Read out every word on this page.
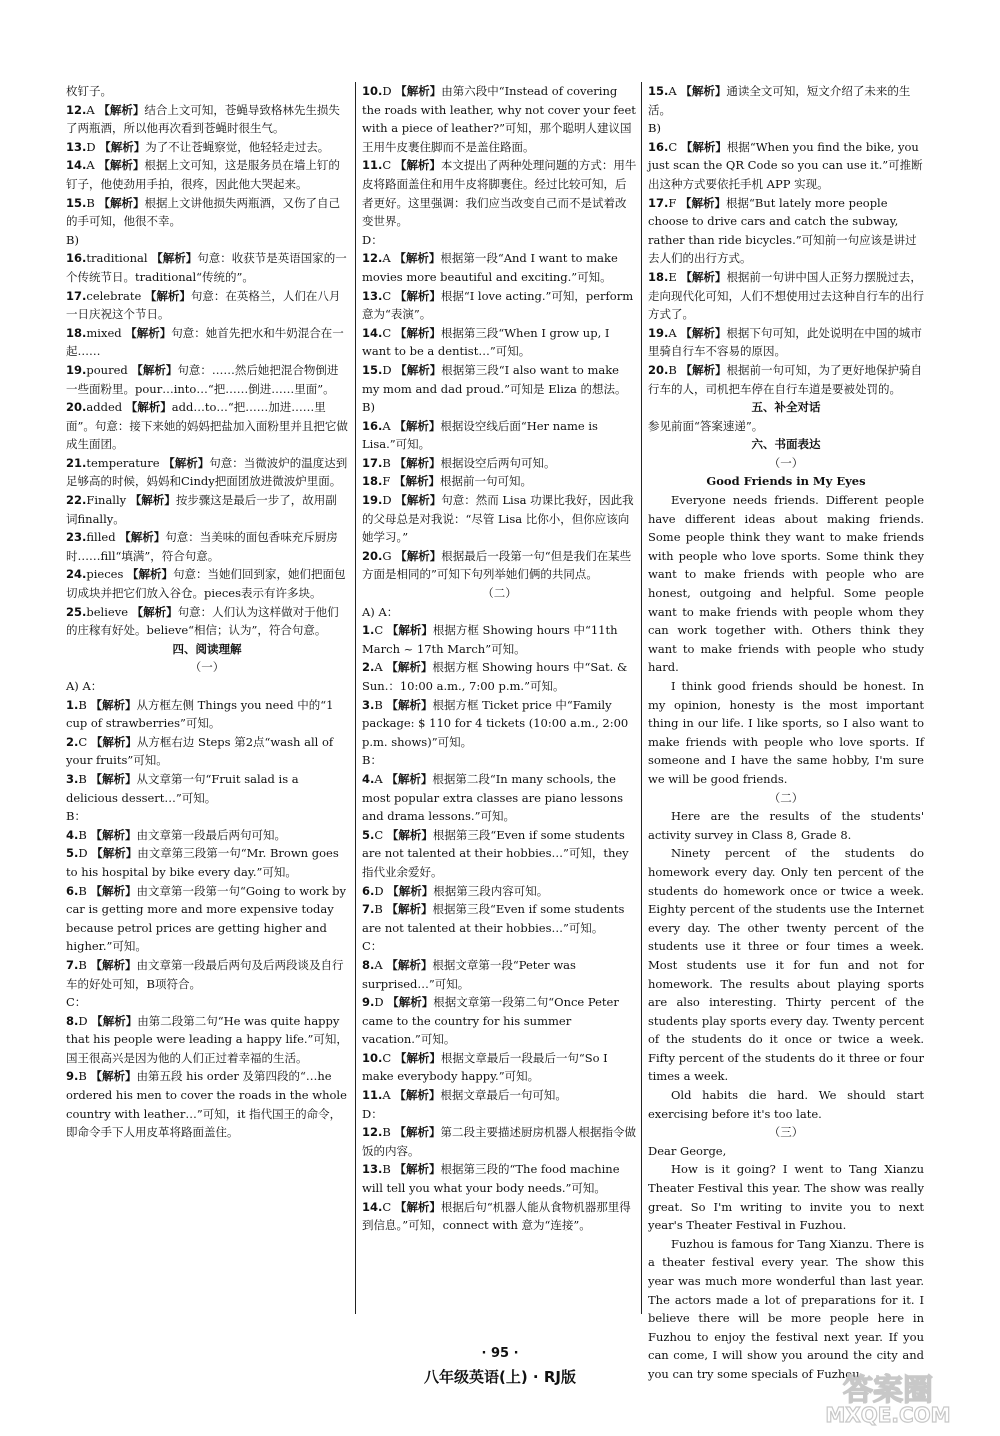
枚钉子。

12.A 【解析】结合上文可知，苍蝇导致格林先生损失了两瓶酒，所以他再次看到苍蝇时很生气。

13.D 【解析】为了不让苍蝇察觉，他轻轻走过去。

14.A 【解析】根据上文可知，这是服务员在墙上钉的钉子，他使劲用手拍，很疼，因此他大哭起来。

15.B 【解析】根据上文讲他损失两瓶酒，又伤了自己的手可知，他很不幸。

B)

16.traditional 【解析】句意：收获节是英语国家的一个传统节日。traditional“传统的”。

17.celebrate 【解析】句意：在英格兰，人们在八月一日庆祝这个节日。

18.mixed 【解析】句意：她首先把水和牛奶混合在一起……

19.poured 【解析】句意：……然后她把混合物倒进一些面粉里。pour…into…“把……倒进……里面”。

20.added 【解析】add…to…“把……加进……里面”。句意：接下来她的妈妈把盐加入面粉里并且把它做成生面团。

21.temperature 【解析】句意：当微波炉的温度达到足够高的时候，妈妈和Cindy把面团放进微波炉里面。

22.Finally 【解析】按步骤这是最后一步了，故用副词finally。

23.filled 【解析】句意：当美味的面包香味充斥厨房时……fill“填满”，符合句意。

24.pieces 【解析】句意：当她们回到家，她们把面包切成块并把它们放入谷仓。pieces表示有许多块。

25.believe 【解析】句意：人们认为这样做对于他们的庄稼有好处。believe“相信；认为”，符合句意。

四、阅读理解

（一）

A) A：

1.B 【解析】从方框左侧 Things you need 中的“1 cup of strawberries”可知。

2.C 【解析】从方框右边 Steps 第2点“wash all of your fruits”可知。

3.B 【解析】从文章第一句“Fruit salad is a delicious dessert…”可知。

B：

4.B 【解析】由文章第一段最后两句可知。

5.D 【解析】由文章第三段第一句“Mr. Brown goes to his hospital by bike every day.”可知。

6.B 【解析】由文章第一段第一句“Going to work by car is getting more and more expensive today because petrol prices are getting higher and higher.”可知。

7.B 【解析】由文章第一段最后两句及后两段谈及自行车的好处可知，B项符合。

C：

8.D 【解析】由第二段第二句“He was quite happy that his people were leading a happy life.”可知，国王很高兴是因为他的人们正过着幸福的生活。

9.B 【解析】由第五段 his order 及第四段的“…he ordered his men to cover the roads in the whole country with leather…”可知，it 指代国王的命令，即命令手下人用皮革将路面盖住。

10.D 【解析】由第六段中“Instead of covering the roads with leather, why not cover your feet with a piece of leather?”可知，那个聪明人建议国王用牛皮裹住脚而不是盖住路面。

11.C 【解析】本文提出了两种处理问题的方式：用牛皮将路面盖住和用牛皮将脚裹住。经过比较可知，后者更好。这里强调：我们应当改变自己而不是试着改变世界。

D：

12.A 【解析】根据第一段“And I want to make movies more beautiful and exciting.”可知。

13.C 【解析】根据“I love acting.”可知，perform 意为“表演”。

14.C 【解析】根据第三段“When I grow up, I want to be a dentist…”可知。

15.D 【解析】根据第三段“I also want to make my mom and dad proud.”可知是 Eliza 的想法。

B)

16.A 【解析】根据设空线后面“Her name is Lisa.”可知。

17.B 【解析】根据设空后两句可知。

18.F 【解析】根据前一句可知。

19.D 【解析】句意：然而 Lisa 功课比我好，因此我的父母总是对我说：“尽管 Lisa 比你小，但你应该向她学习。”

20.G 【解析】根据最后一段第一句“但是我们在某些方面是相同的”可知下句列举她们俩的共同点。

（二）

A) A：

1.C 【解析】根据方框 Showing hours 中“11th March ~ 17th March”可知。

2.A 【解析】根据方框 Showing hours 中“Sat. & Sun.：10:00 a.m., 7:00 p.m.”可知。

3.B 【解析】根据方框 Ticket price 中“Family package: $ 110 for 4 tickets (10:00 a.m., 2:00 p.m. shows)”可知。

B：

4.A 【解析】根据第二段“In many schools, the most popular extra classes are piano lessons and drama lessons.”可知。

5.C 【解析】根据第三段“Even if some students are not talented at their hobbies…”可知，they 指代业余爱好。

6.D 【解析】根据第三段内容可知。

7.B 【解析】根据第三段“Even if some students are not talented at their hobbies…”可知。

C：

8.A 【解析】根据文章第一段“Peter was surprised…”可知。

9.D 【解析】根据文章第一段第二句“Once Peter came to the country for his summer vacation.”可知。

10.C 【解析】根据文章最后一段最后一句“So I make everybody happy.”可知。

11.A 【解析】根据文章最后一句可知。

D：

12.B 【解析】第二段主要描述厨房机器人根据指令做饭的内容。

13.B 【解析】根据第三段的“The food machine will tell you what your body needs.”可知。

14.C 【解析】根据后句“机器人能从食物机器那里得到信息。”可知，connect with 意为“连接”。

15.A 【解析】通读全文可知，短文介绍了未来的生活。

B)

16.C 【解析】根据“When you find the bike, you just scan the QR Code so you can use it.”可推断出这种方式要依托手机 APP 实现。

17.F 【解析】根据“But lately more people choose to drive cars and catch the subway, rather than ride bicycles.”可知前一句应该是讲过去人们的出行方式。

18.E 【解析】根据前一句讲中国人正努力摆脱过去，走向现代化可知，人们不想使用过去这种自行车的出行方式了。

19.A 【解析】根据下句可知，此处说明在中国的城市里骑自行车不容易的原因。

20.B 【解析】根据前一句可知，为了更好地保护骑自行车的人，司机把车停在自行车道是要被处罚的。

五、补全对话

参见前面“答案速递”。

六、书面表达

（一）

Good Friends in My Eyes

Everyone needs friends. Different people have different ideas about making friends. Some people think they want to make friends with people who love sports. Some think they want to make friends with people who are honest, outgoing and helpful. Some people want to make friends with people whom they can work together with. Others think they want to make friends with people who study hard.

I think good friends should be honest. In my opinion, honesty is the most important thing in our life. I like sports, so I also want to make friends with people who love sports. If someone and I have the same hobby, I'm sure we will be good friends.

（二）

Here are the results of the students' activity survey in Class 8, Grade 8.

Ninety percent of the students do homework every day. Only ten percent of the students do homework once or twice a week. Eighty percent of the students use the Internet every day. The other twenty percent of the students use it three or four times a week. Most students use it for fun and not for homework. The results about playing sports are also interesting. Thirty percent of the students play sports every day. Twenty percent of the students do it once or twice a week. Fifty percent of the students do it three or four times a week.

Old habits die hard. We should start exercising before it's too late.

（三）

Dear George,

How is it going? I went to Tang Xianzu Theater Festival this year. The show was really great. So I'm writing to invite you to next year's Theater Festival in Fuzhou.

Fuzhou is famous for Tang Xianzu. There is a theater festival every year. The show this year was much more wonderful than last year. The actors made a lot of preparations for it. I believe there will be more people here in Fuzhou to enjoy the festival next year. If you can come, I will show you around the city and you can try some specials of Fuzhou.

· 95 ·
八年级英语(上) · RJ版	答案圈
MXQE.COM
